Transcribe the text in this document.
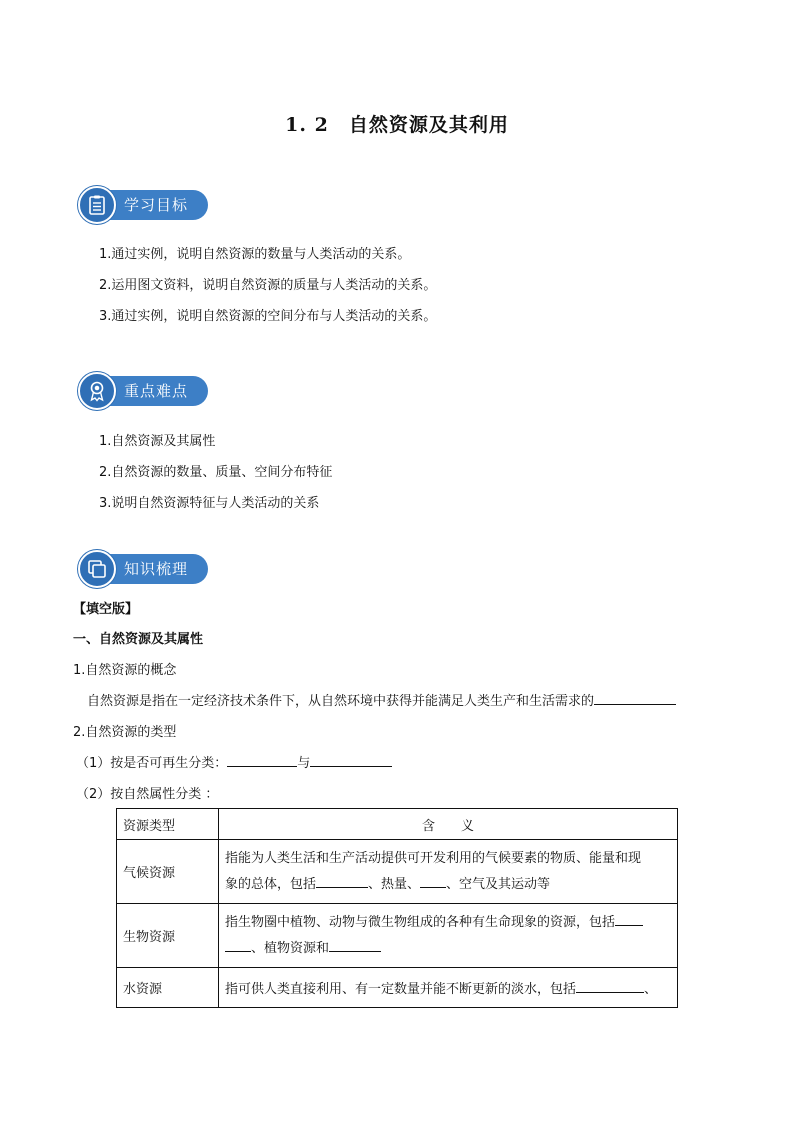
1. 2　自然资源及其利用
学习目标
1.通过实例，说明自然资源的数量与人类活动的关系。
2.运用图文资料，说明自然资源的质量与人类活动的关系。
3.通过实例，说明自然资源的空间分布与人类活动的关系。
重点难点
1.自然资源及其属性
2.自然资源的数量、质量、空间分布特征
3.说明自然资源特征与人类活动的关系
知识梳理
【填空版】
一、自然资源及其属性
1.自然资源的概念
自然资源是指在一定经济技术条件下，从自然环境中获得并能满足人类生产和生活需求的
2.自然资源的类型
（1）按是否可再生分类：	与
（2）按自然属性分类 ：
资源类型	含　　义
气候资源	指能为人类生活和生产活动提供可开发利用的气候要素的物质、能量和现
象的总体，包括 、热量、 、空气及其运动等

生物资源	指生物圈中植物、动物与微生物组成的各种有生命现象的资源，包括
、植物资源和

水资源	指可供人类直接利用、有一定数量并能不断更新的淡水，包括 、
